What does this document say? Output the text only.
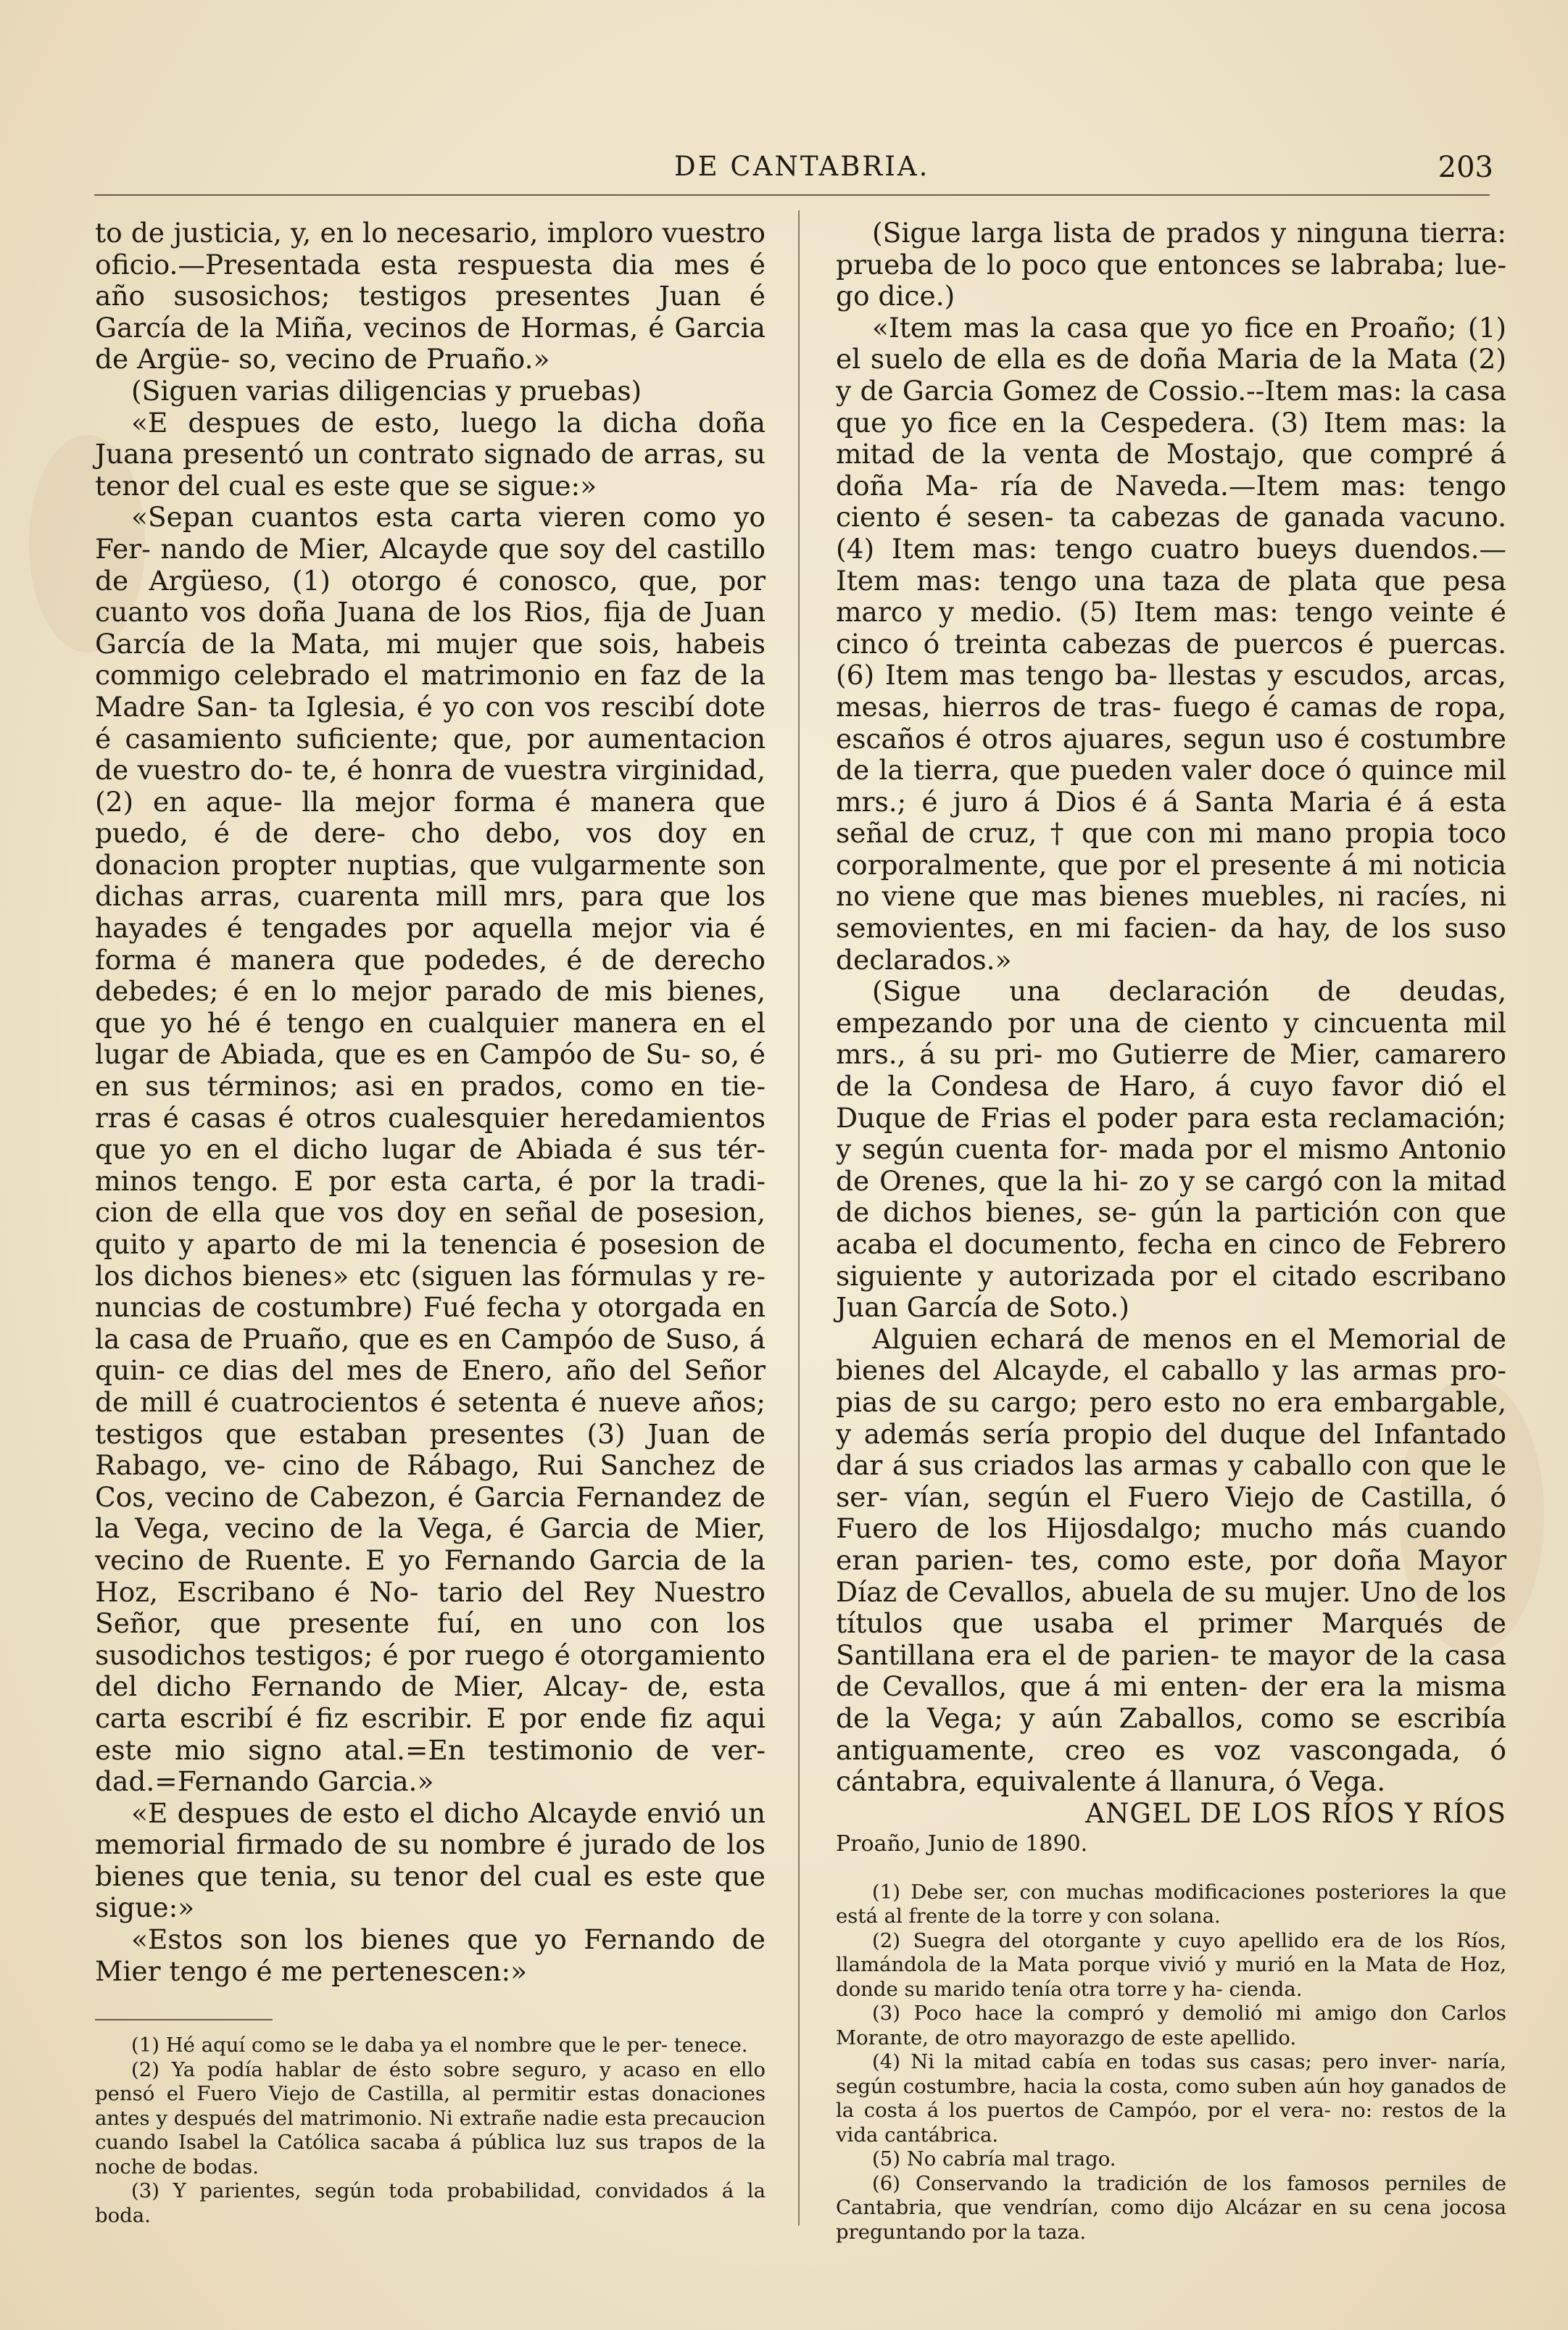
DE CANTABRIA.	203

to de justicia, y, en lo necesario, imploro vuestro oficio.—Presentada esta respuesta dia mes é año susosichos; testigos presentes Juan é García de la Miña, vecinos de Hormas, é Garcia de Argüe- so, vecino de Pruaño.»

(Siguen varias diligencias y pruebas)

«E despues de esto, luego la dicha doña Juana presentó un contrato signado de arras, su tenor del cual es este que se sigue:»

«Sepan cuantos esta carta vieren como yo Fer- nando de Mier, Alcayde que soy del castillo de Argüeso, (1) otorgo é conosco, que, por cuanto vos doña Juana de los Rios, fija de Juan García de la Mata, mi mujer que sois, habeis commigo celebrado el matrimonio en faz de la Madre San- ta Iglesia, é yo con vos rescibí dote é casamiento suficiente; que, por aumentacion de vuestro do- te, é honra de vuestra virginidad, (2) en aque- lla mejor forma é manera que puedo, é de dere- cho debo, vos doy en donacion propter nuptias, que vulgarmente son dichas arras, cuarenta mill mrs, para que los hayades é tengades por aquella mejor via é forma é manera que podedes, é de derecho debedes; é en lo mejor parado de mis bienes, que yo hé é tengo en cualquier manera en el lugar de Abiada, que es en Campóo de Su- so, é en sus términos; asi en prados, como en tie- rras é casas é otros cualesquier heredamientos que yo en el dicho lugar de Abiada é sus tér- minos tengo. E por esta carta, é por la tradi- cion de ella que vos doy en señal de posesion, quito y aparto de mi la tenencia é posesion de los dichos bienes» etc (siguen las fórmulas y re- nuncias de costumbre) Fué fecha y otorgada en la casa de Pruaño, que es en Campóo de Suso, á quin- ce dias del mes de Enero, año del Señor de mill é cuatrocientos é setenta é nueve años; testigos que estaban presentes (3) Juan de Rabago, ve- cino de Rábago, Rui Sanchez de Cos, vecino de Cabezon, é Garcia Fernandez de la Vega, vecino de la Vega, é Garcia de Mier, vecino de Ruente. E yo Fernando Garcia de la Hoz, Escribano é No- tario del Rey Nuestro Señor, que presente fuí, en uno con los susodichos testigos; é por ruego é otorgamiento del dicho Fernando de Mier, Alcay- de, esta carta escribí é fiz escribir. E por ende fiz aqui este mio signo atal.=En testimonio de ver- dad.=Fernando Garcia.»

«E despues de esto el dicho Alcayde envió un memorial firmado de su nombre é jurado de los bienes que tenia, su tenor del cual es este que sigue:»

«Estos son los bienes que yo Fernando de Mier tengo é me pertenescen:»

(1) Hé aquí como se le daba ya el nombre que le per- tenece.

(2) Ya podía hablar de ésto sobre seguro, y acaso en ello pensó el Fuero Viejo de Castilla, al permitir estas donaciones antes y después del matrimonio. Ni extrañe nadie esta precaucion cuando Isabel la Católica sacaba á pública luz sus trapos de la noche de bodas.

(3) Y parientes, según toda probabilidad, convidados á la boda.

(Sigue larga lista de prados y ninguna tierra: prueba de lo poco que entonces se labraba; lue- go dice.)

«Item mas la casa que yo fice en Proaño; (1) el suelo de ella es de doña Maria de la Mata (2) y de Garcia Gomez de Cossio.--Item mas: la casa que yo fice en la Cespedera. (3) Item mas: la mitad de la venta de Mostajo, que compré á doña Ma- ría de Naveda.—Item mas: tengo ciento é sesen- ta cabezas de ganada vacuno. (4) Item mas: tengo cuatro bueys duendos.—Item mas: tengo una taza de plata que pesa marco y medio. (5) Item mas: tengo veinte é cinco ó treinta cabezas de puercos é puercas. (6) Item mas tengo ba- llestas y escudos, arcas, mesas, hierros de tras- fuego é camas de ropa, escaños é otros ajuares, segun uso é costumbre de la tierra, que pueden valer doce ó quince mil mrs.; é juro á Dios é á Santa Maria é á esta señal de cruz, † que con mi mano propia toco corporalmente, que por el presente á mi noticia no viene que mas bienes muebles, ni racíes, ni semovientes, en mi facien- da hay, de los suso declarados.»

(Sigue una declaración de deudas, empezando por una de ciento y cincuenta mil mrs., á su pri- mo Gutierre de Mier, camarero de la Condesa de Haro, á cuyo favor dió el Duque de Frias el poder para esta reclamación; y según cuenta for- mada por el mismo Antonio de Orenes, que la hi- zo y se cargó con la mitad de dichos bienes, se- gún la partición con que acaba el documento, fecha en cinco de Febrero siguiente y autorizada por el citado escribano Juan García de Soto.)

Alguien echará de menos en el Memorial de bienes del Alcayde, el caballo y las armas pro- pias de su cargo; pero esto no era embargable, y además sería propio del duque del Infantado dar á sus criados las armas y caballo con que le ser- vían, según el Fuero Viejo de Castilla, ó Fuero de los Hijosdalgo; mucho más cuando eran parien- tes, como este, por doña Mayor Díaz de Cevallos, abuela de su mujer. Uno de los títulos que usaba el primer Marqués de Santillana era el de parien- te mayor de la casa de Cevallos, que á mi enten- der era la misma de la Vega; y aún Zaballos, como se escribía antiguamente, creo es voz vascongada, ó cántabra, equivalente á llanura, ó Vega.

ANGEL DE LOS RÍOS Y RÍOS

Proaño, Junio de 1890.

(1) Debe ser, con muchas modificaciones posteriores la que está al frente de la torre y con solana.

(2) Suegra del otorgante y cuyo apellido era de los Ríos, llamándola de la Mata porque vivió y murió en la Mata de Hoz, donde su marido tenía otra torre y ha- cienda.

(3) Poco hace la compró y demolió mi amigo don Carlos Morante, de otro mayorazgo de este apellido.

(4) Ni la mitad cabía en todas sus casas; pero inver- naría, según costumbre, hacia la costa, como suben aún hoy ganados de la costa á los puertos de Campóo, por el vera- no: restos de la vida cantábrica.

(5) No cabría mal trago.

(6) Conservando la tradición de los famosos perniles de Cantabria, que vendrían, como dijo Alcázar en su cena jocosa preguntando por la taza.
